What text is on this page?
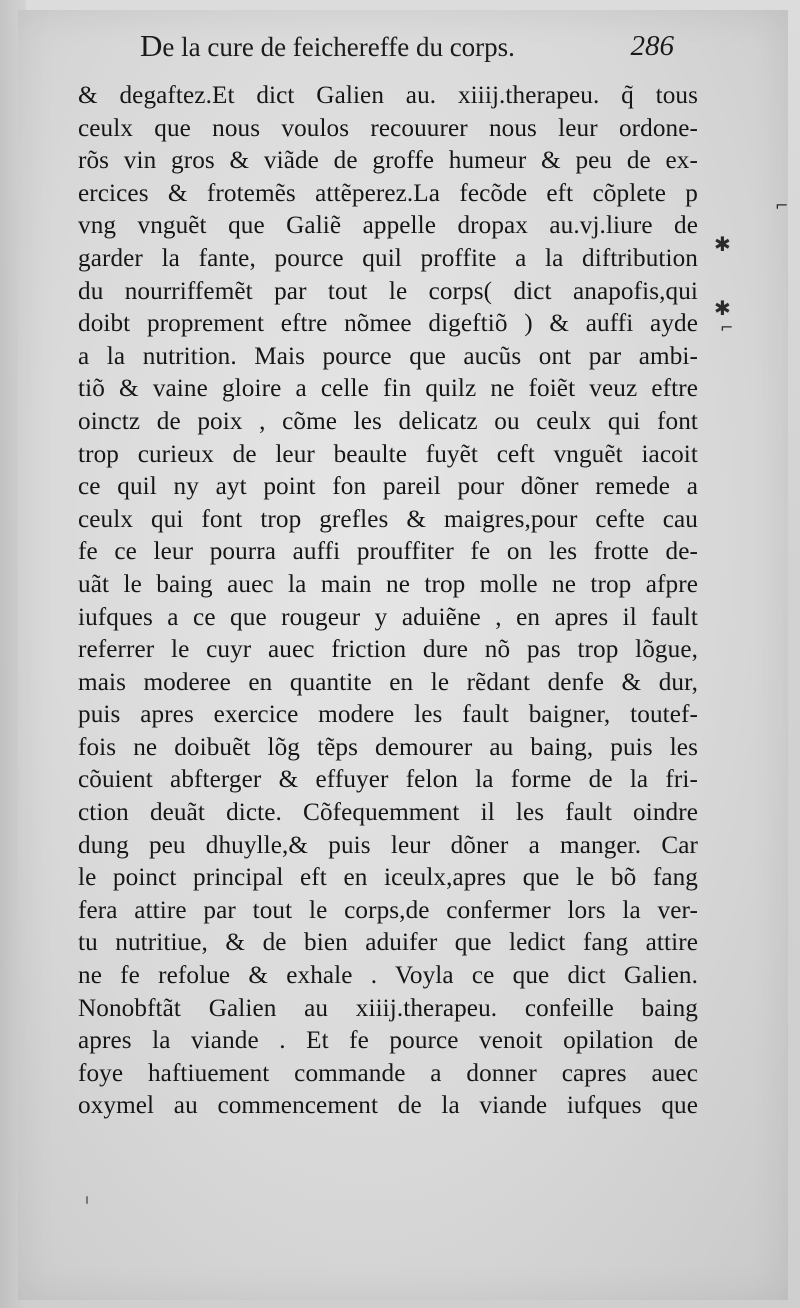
De la cure de feichereffe du corps.	286
& degaftez.Et dict Galien au. xiiij.therapeu. q̃ tous
ceulx que nous voulos recouurer nous leur ordone-
rõs vin gros & viãde de groffe humeur & peu de ex-
ercices & frotemẽs attẽperez.La fecõde eft cõplete p
vng vnguẽt que Galiẽ appelle dropax au.vj.liure de
garder la fante, pource quil proffite a la diftribution
du nourriffemẽt par tout le corps( dict anapofis,qui
doibt proprement eftre nõmee digeftiõ ) & auffi ayde
a la nutrition. Mais pource que aucũs ont par ambi-
tiõ & vaine gloire a celle fin quilz ne foiẽt veuz eftre
oinctz de poix , cõme les delicatz ou ceulx qui font
trop curieux de leur beaulte fuyẽt ceft vnguẽt iacoit
ce quil ny ayt point fon pareil pour dõner remede a
ceulx qui font trop grefles & maigres,pour cefte cau
fe ce leur pourra auffi prouffiter fe on les frotte de-
uãt le baing auec la main ne trop molle ne trop afpre
iufques a ce que rougeur y aduiẽne , en apres il fault
referrer le cuyr auec friction dure nõ pas trop lõgue,
mais moderee en quantite en le rẽdant denfe & dur,
puis apres exercice modere les fault baigner, toutef-
fois ne doibuẽt lõg tẽps demourer au baing, puis les
cõuient abfterger & effuyer felon la forme de la fri-
ction deuãt dicte. Cõfequemment il les fault oindre
dung peu dhuylle,& puis leur dõner a manger. Car
le poinct principal eft en iceulx,apres que le bõ fang
fera attire par tout le corps,de confermer lors la ver-
tu nutritiue, & de bien aduifer que ledict fang attire
ne fe refolue & exhale . Voyla ce que dict Galien.
Nonobftãt Galien au xiiij.therapeu. confeille baing
apres la viande . Et fe pource venoit opilation de
foye haftiuement commande a donner capres auec
oxymel au commencement de la viande iufques que
⌐
✱
✱
⌐
